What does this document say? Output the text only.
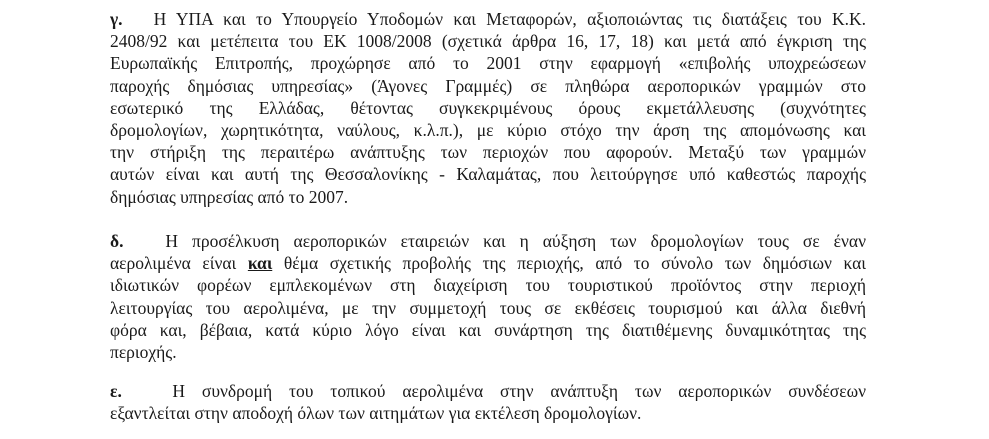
γ. Η ΥΠΑ και το Υπουργείο Υποδομών και Μεταφορών, αξιοποιώντας τις διατάξεις του Κ.Κ.
2408/92 και μετέπειτα του ΕΚ 1008/2008 (σχετικά άρθρα 16, 17, 18) και μετά από έγκριση της
Ευρωπαϊκής Επιτροπής, προχώρησε από το 2001 στην εφαρμογή «επιβολής υποχρεώσεων
παροχής δημόσιας υπηρεσίας» (Άγονες Γραμμές) σε πληθώρα αεροπορικών γραμμών στο
εσωτερικό της Ελλάδας, θέτοντας συγκεκριμένους όρους εκμετάλλευσης (συχνότητες
δρομολογίων, χωρητικότητα, ναύλους, κ.λ.π.), με κύριο στόχο την άρση της απομόνωσης και
την στήριξη της περαιτέρω ανάπτυξης των περιοχών που αφορούν. Μεταξύ των γραμμών
αυτών είναι και αυτή της Θεσσαλονίκης - Καλαμάτας, που λειτούργησε υπό καθεστώς παροχής
δημόσιας υπηρεσίας από το 2007.
δ. Η προσέλκυση αεροπορικών εταιρειών και η αύξηση των δρομολογίων τους σε έναν
αερολιμένα είναι και θέμα σχετικής προβολής της περιοχής, από το σύνολο των δημόσιων και
ιδιωτικών φορέων εμπλεκομένων στη διαχείριση του τουριστικού προϊόντος στην περιοχή
λειτουργίας του αερολιμένα, με την συμμετοχή τους σε εκθέσεις τουρισμού και άλλα διεθνή
φόρα και, βέβαια, κατά κύριο λόγο είναι και συνάρτηση της διατιθέμενης δυναμικότητας της
περιοχής.
ε.	Η συνδρομή του τοπικού αερολιμένα στην ανάπτυξη των αεροπορικών συνδέσεων
εξαντλείται στην αποδοχή όλων των αιτημάτων για εκτέλεση δρομολογίων.
